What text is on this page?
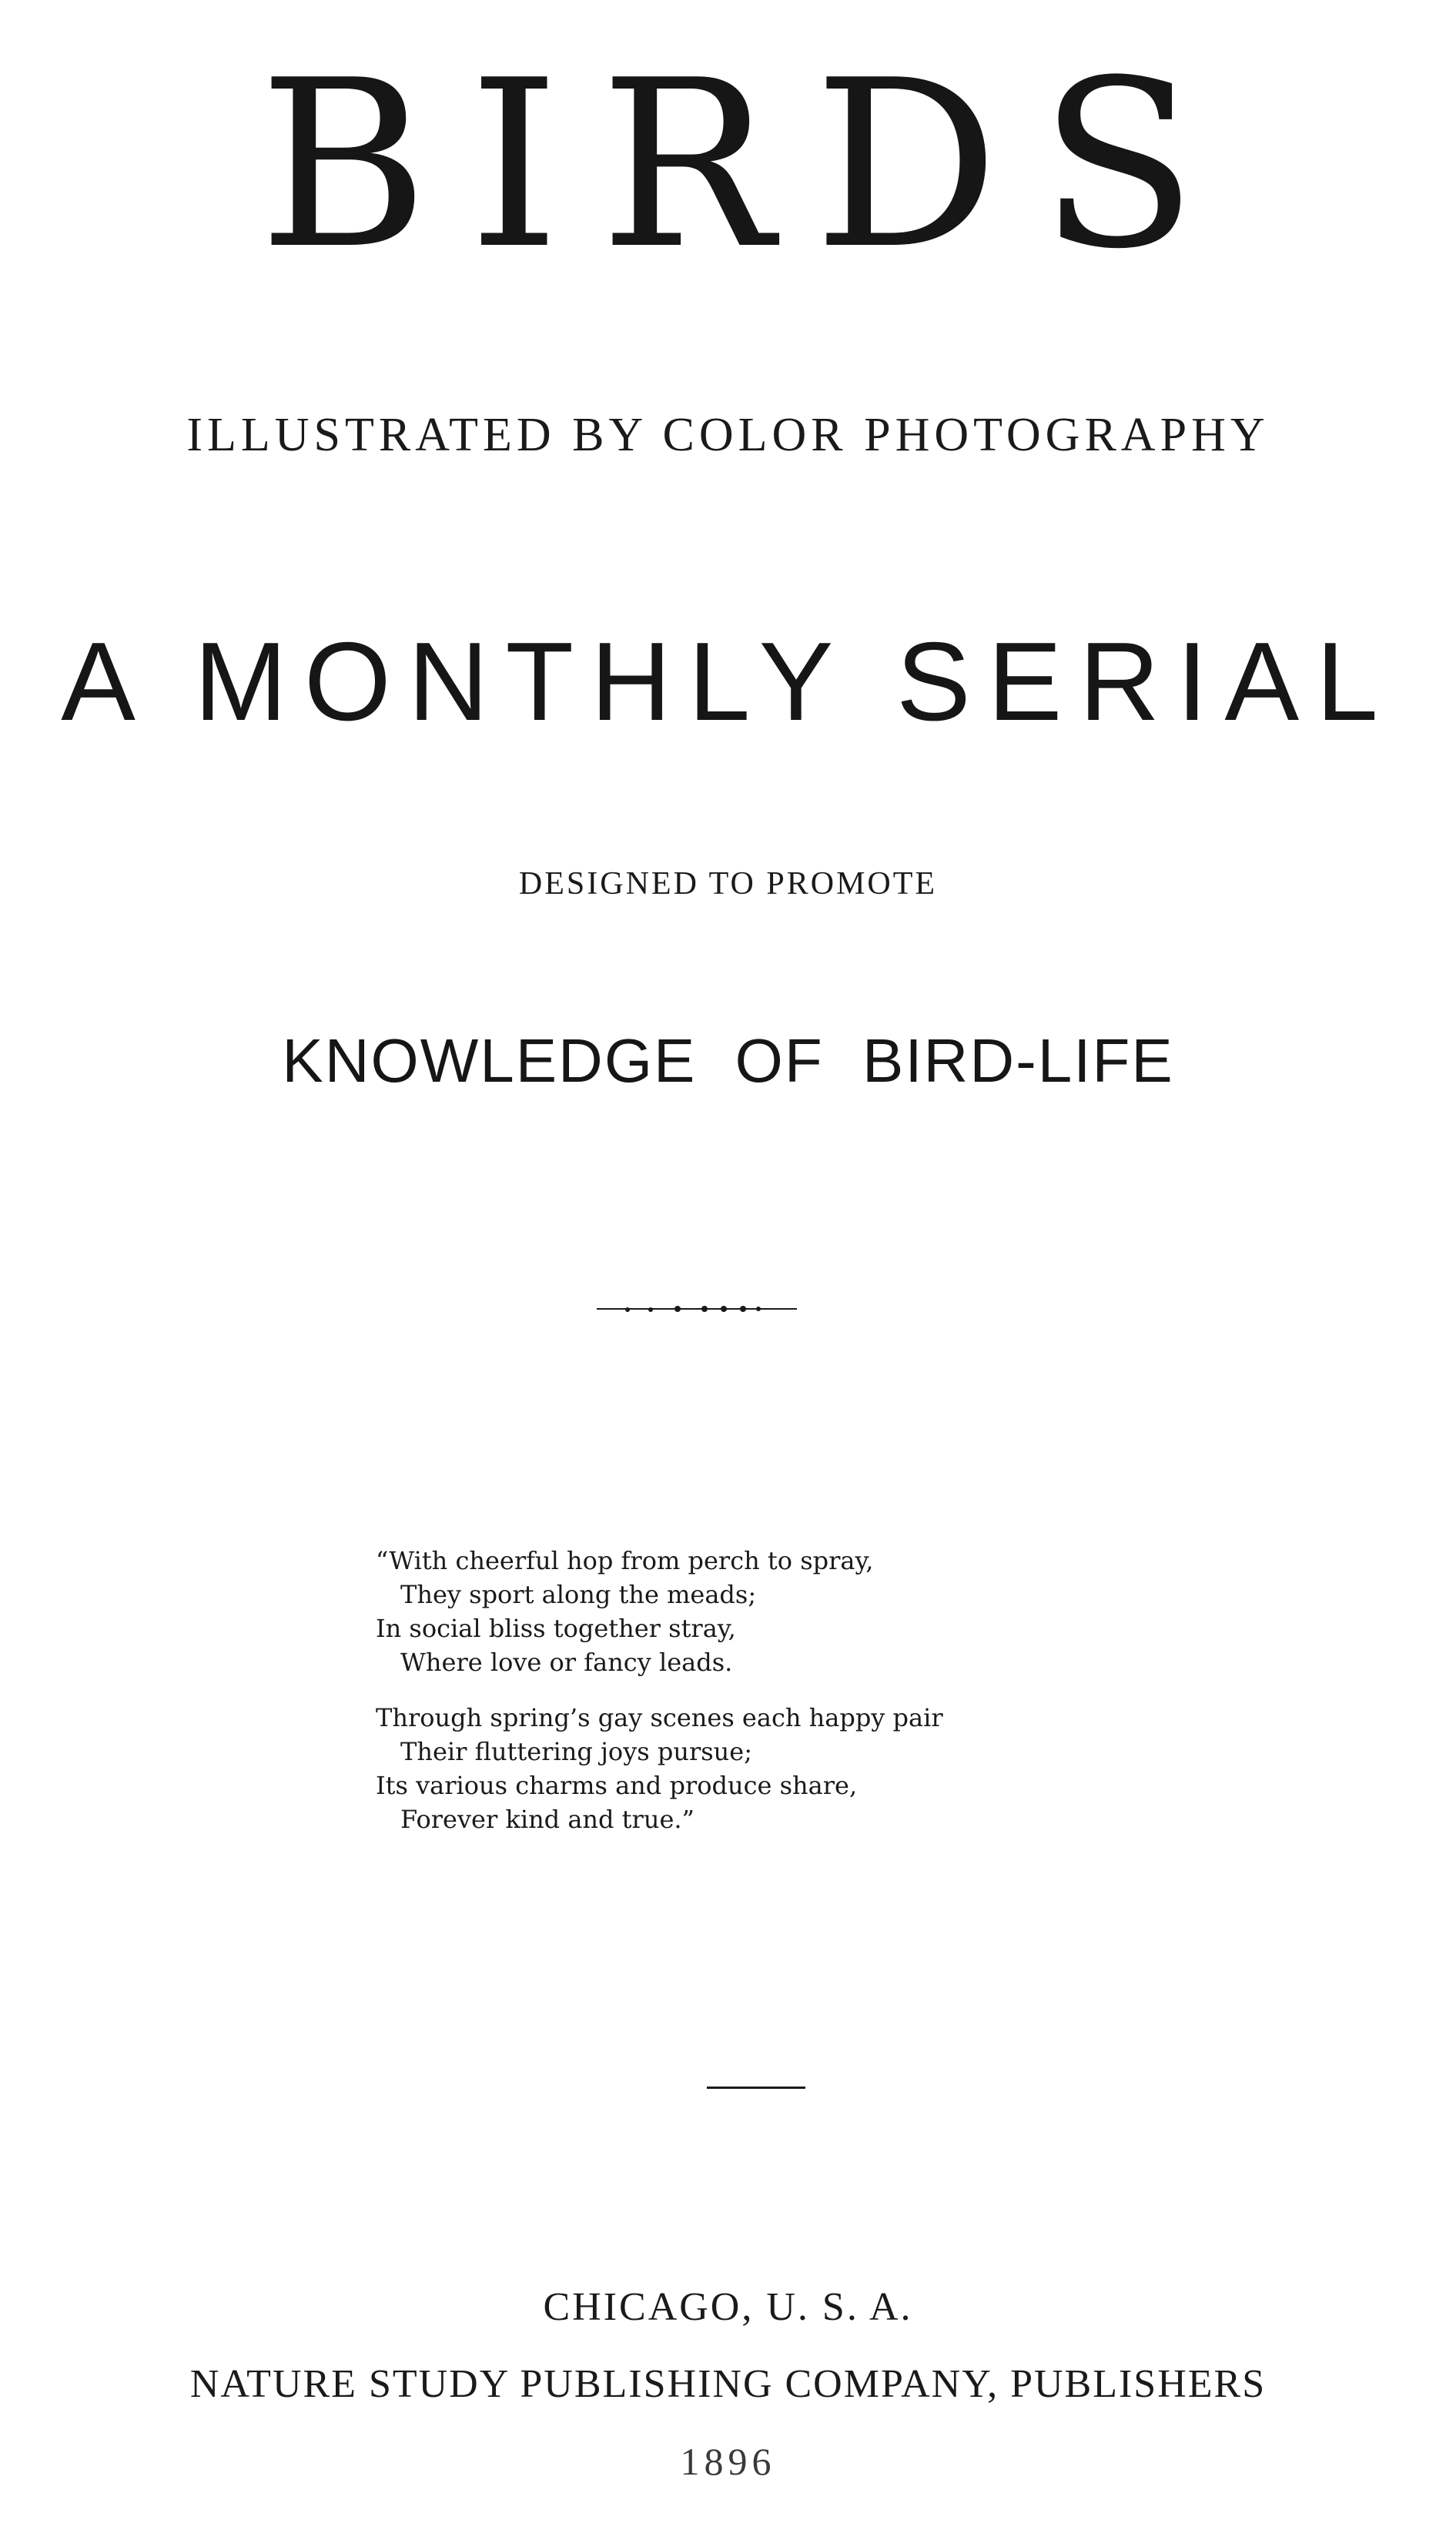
BIRDS
ILLUSTRATED BY COLOR PHOTOGRAPHY
A MONTHLY SERIAL
DESIGNED TO PROMOTE
KNOWLEDGE OF BIRD-LIFE
“With cheerful hop from perch to spray,
They sport along the meads;
In social bliss together stray,
Where love or fancy leads.
Through spring’s gay scenes each happy pair
Their fluttering joys pursue;
Its various charms and produce share,
Forever kind and true.”
CHICAGO, U. S. A.
NATURE STUDY PUBLISHING COMPANY, PUBLISHERS
1896
